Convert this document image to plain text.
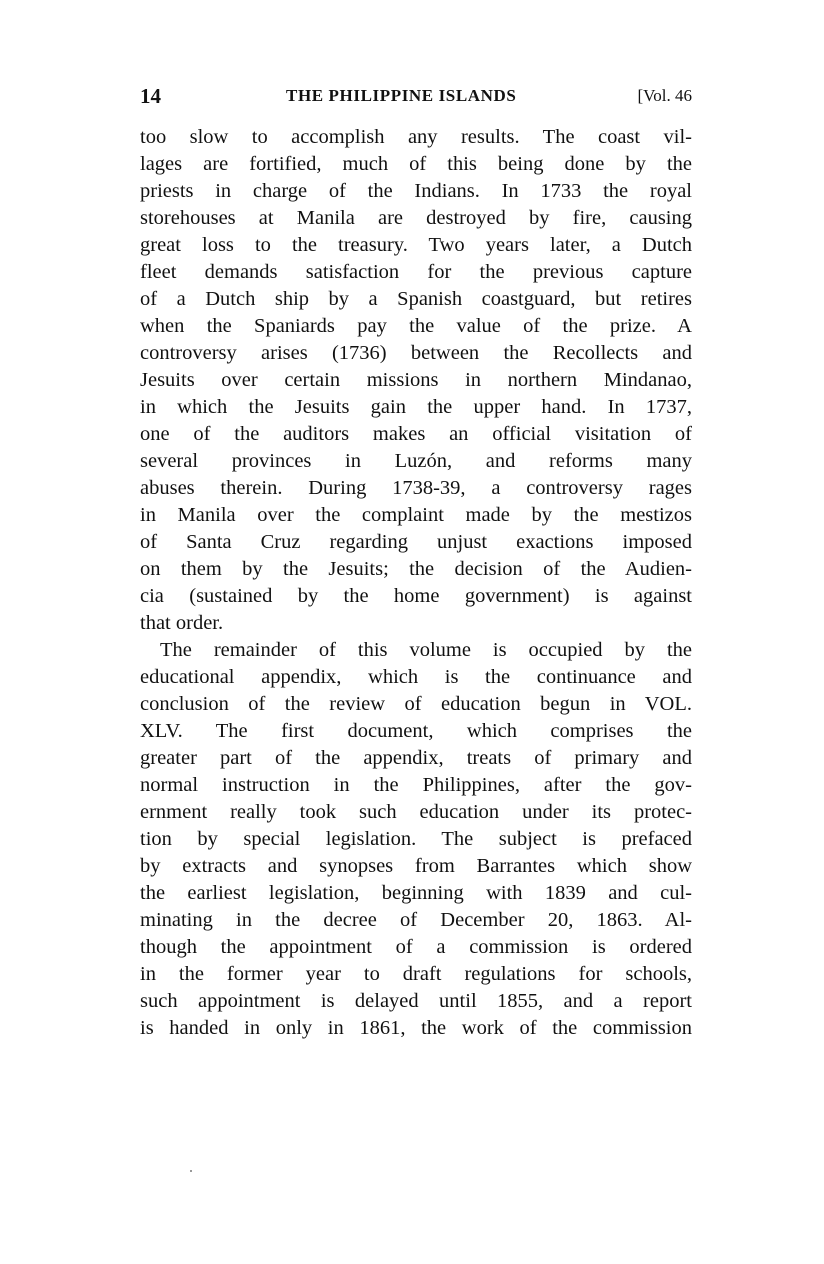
14	THE PHILIPPINE ISLANDS	[Vol. 46
too slow to accomplish any results. The coast vil-
lages are fortified, much of this being done by the
priests in charge of the Indians. In 1733 the royal
storehouses at Manila are destroyed by fire, causing
great loss to the treasury. Two years later, a Dutch
fleet demands satisfaction for the previous capture
of a Dutch ship by a Spanish coastguard, but retires
when the Spaniards pay the value of the prize. A
controversy arises (1736) between the Recollects and
Jesuits over certain missions in northern Mindanao,
in which the Jesuits gain the upper hand. In 1737,
one of the auditors makes an official visitation of
several provinces in Luzón, and reforms many
abuses therein. During 1738-39, a controversy rages
in Manila over the complaint made by the mestizos
of Santa Cruz regarding unjust exactions imposed
on them by the Jesuits; the decision of the Audien-
cia (sustained by the home government) is against
that order.
The remainder of this volume is occupied by the
educational appendix, which is the continuance and
conclusion of the review of education begun in VOL.
XLV. The first document, which comprises the
greater part of the appendix, treats of primary and
normal instruction in the Philippines, after the gov-
ernment really took such education under its protec-
tion by special legislation. The subject is prefaced
by extracts and synopses from Barrantes which show
the earliest legislation, beginning with 1839 and cul-
minating in the decree of December 20, 1863. Al-
though the appointment of a commission is ordered
in the former year to draft regulations for schools,
such appointment is delayed until 1855, and a report
is handed in only in 1861, the work of the commission
